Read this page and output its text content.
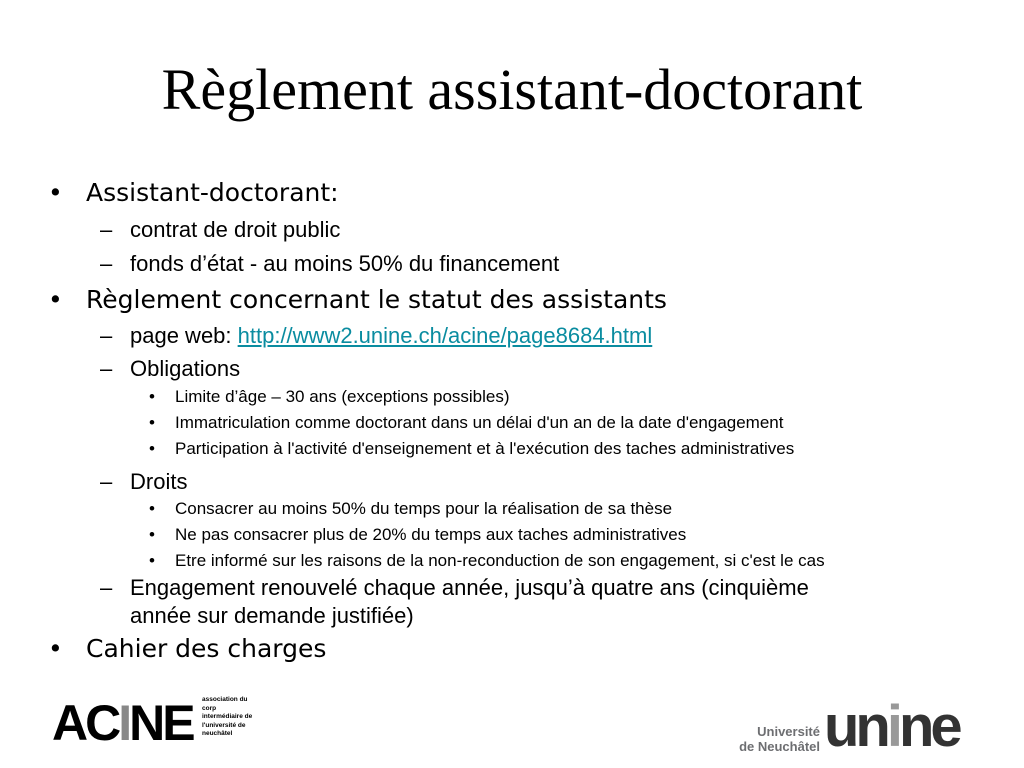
Règlement assistant-doctorant
• Assistant-doctorant:
– contrat de droit public
– fonds d’état - au moins 50% du financement
• Règlement concernant le statut des assistants
– page web: http://www2.unine.ch/acine/page8684.html
– Obligations
• Limite d’âge – 30 ans (exceptions possibles)
• Immatriculation comme doctorant dans un délai d'un an de la date d'engagement
• Participation à l'activité d'enseignement et à l'exécution des taches administratives
– Droits
• Consacrer au moins 50% du temps pour la réalisation de sa thèse
• Ne pas consacrer plus de 20% du temps aux taches administratives
• Etre informé sur les raisons de la non-reconduction de son engagement, si c'est le cas
– Engagement renouvelé chaque année, jusqu’à quatre ans (cinquième
année sur demande justifiée)
• Cahier des charges
ACINE association du
corp
intermédiaire de
l'université de
neuchâtel	Université
de Neuchâtel unine
